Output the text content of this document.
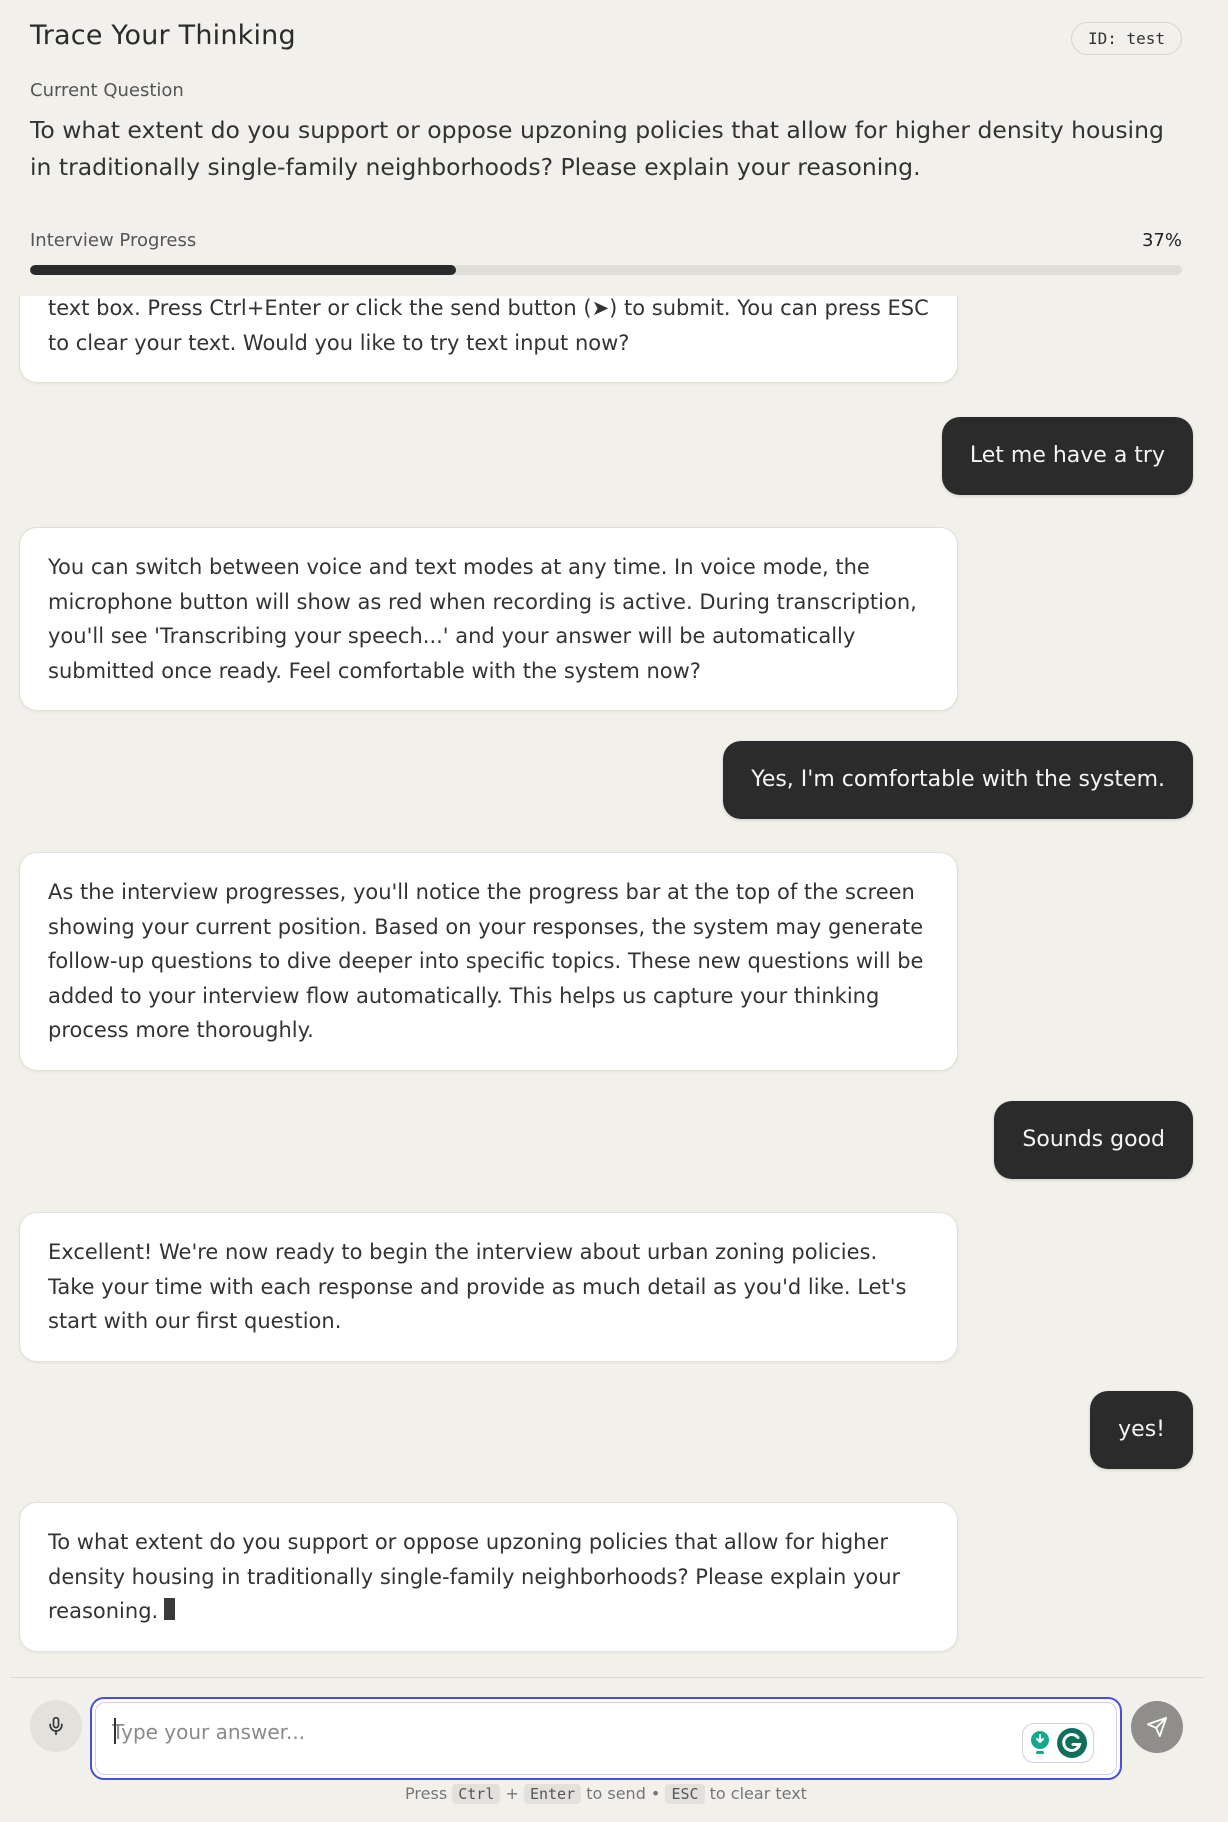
Trace Your Thinking	ID: test
Current Question
To what extent do you support or oppose upzoning policies that allow for higher density housing in traditionally single-family neighborhoods? Please explain your reasoning.
Interview Progress	37%
text box. Press Ctrl+Enter or click the send button (➤) to submit. You can press ESC to clear your text. Would you like to try text input now?
Let me have a try
You can switch between voice and text modes at any time. In voice mode, the microphone button will show as red when recording is active. During transcription, you'll see 'Transcribing your speech...' and your answer will be automatically submitted once ready. Feel comfortable with the system now?
Yes, I'm comfortable with the system.
As the interview progresses, you'll notice the progress bar at the top of the screen showing your current position. Based on your responses, the system may generate follow-up questions to dive deeper into specific topics. These new questions will be added to your interview flow automatically. This helps us capture your thinking process more thoroughly.
Sounds good
Excellent! We're now ready to begin the interview about urban zoning policies. Take your time with each response and provide as much detail as you'd like. Let's start with our first question.
yes!
To what extent do you support or oppose upzoning policies that allow for higher density housing in traditionally single-family neighborhoods? Please explain your reasoning.
Type your answer...
Press Ctrl + Enter to send • ESC to clear text
